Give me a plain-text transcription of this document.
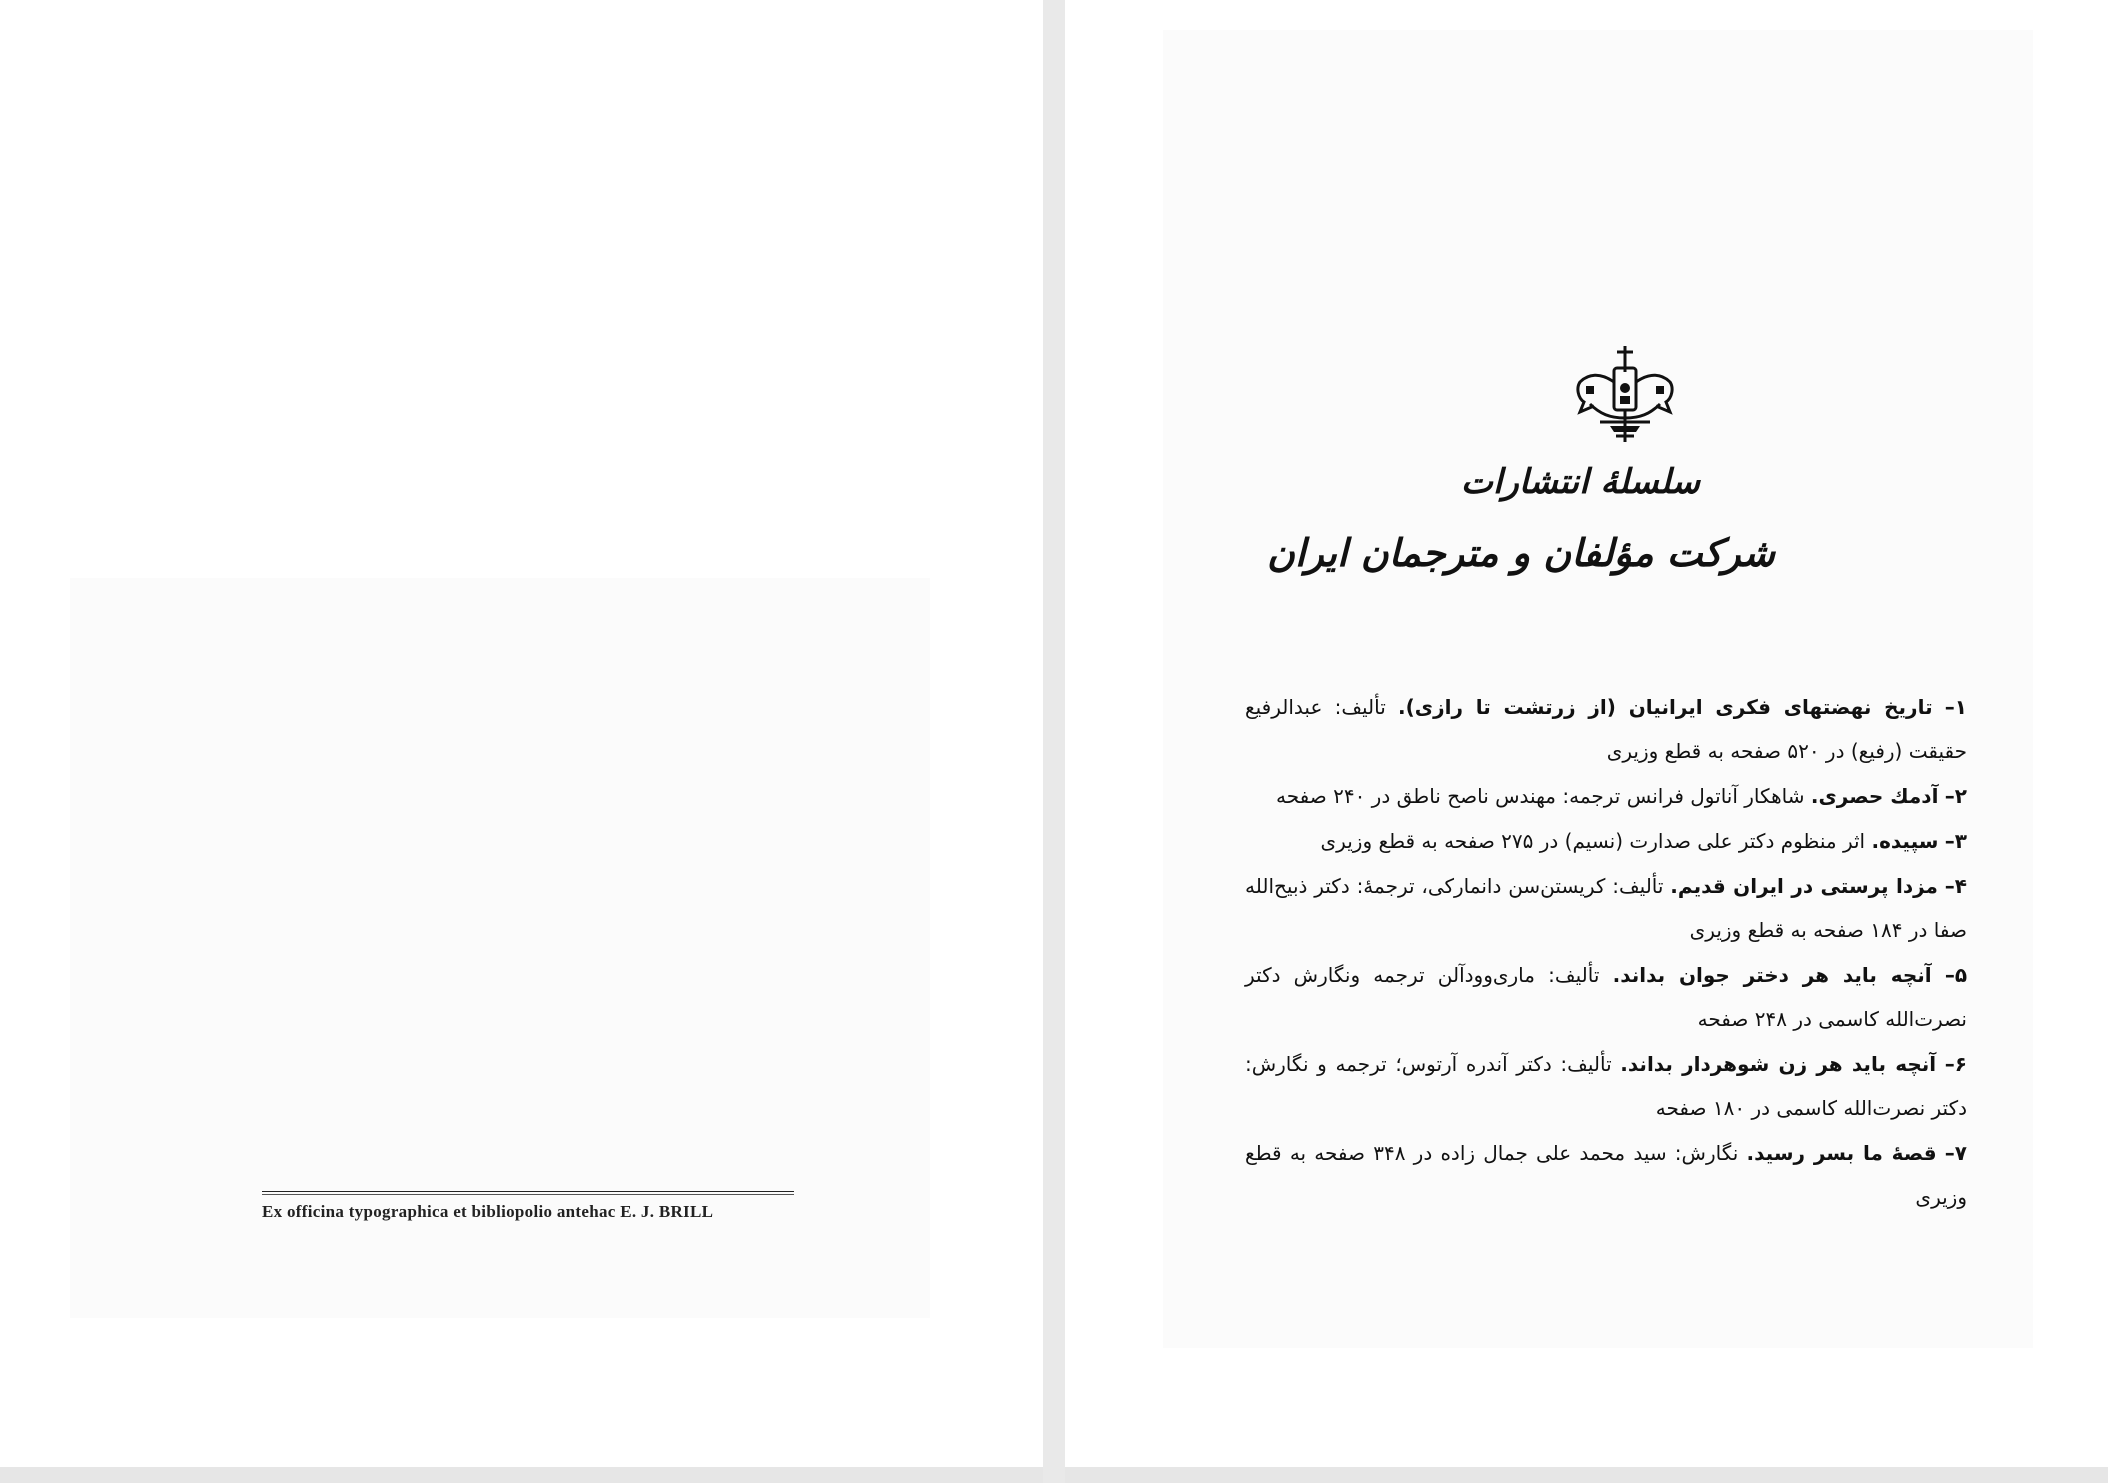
Ex officina typographica et bibliopolio antehac E. J. BRILL
سلسلهٔ انتشارات
شرکت مؤلفان و مترجمان ایران

۱– تاریخ نهضتهای فکری ایرانیان (از زرتشت تا رازی). تألیف: عبدالرفیع حقیقت (رفیع) در ۵۲۰ صفحه به قطع وزیری

۲– آدمك حصری. شاهکار آناتول فرانس ترجمه: مهندس ناصح ناطق در ۲۴۰ صفحه

۳– سپیده. اثر منظوم دکتر علی صدارت (نسیم) در ۲۷۵ صفحه به قطع وزیری

۴– مزدا پرستی در ایران قدیم. تألیف: کریستن‌سن دانمارکی، ترجمهٔ: دکتر ذبیح‌الله صفا در ۱۸۴ صفحه به قطع وزیری

۵– آنچه باید هر دختر جوان بداند. تألیف: ماری‌وودآلن ترجمه ونگارش دکتر نصرت‌الله کاسمی در ۲۴۸ صفحه

۶– آنچه باید هر زن شوهردار بداند. تألیف: دکتر آندره آرتوس؛ ترجمه و نگارش: دکتر نصرت‌الله کاسمی در ۱۸۰ صفحه

۷– قصهٔ ما بسر رسید. نگارش: سید محمد علی جمال زاده در ۳۴۸ صفحه به قطع وزیری
